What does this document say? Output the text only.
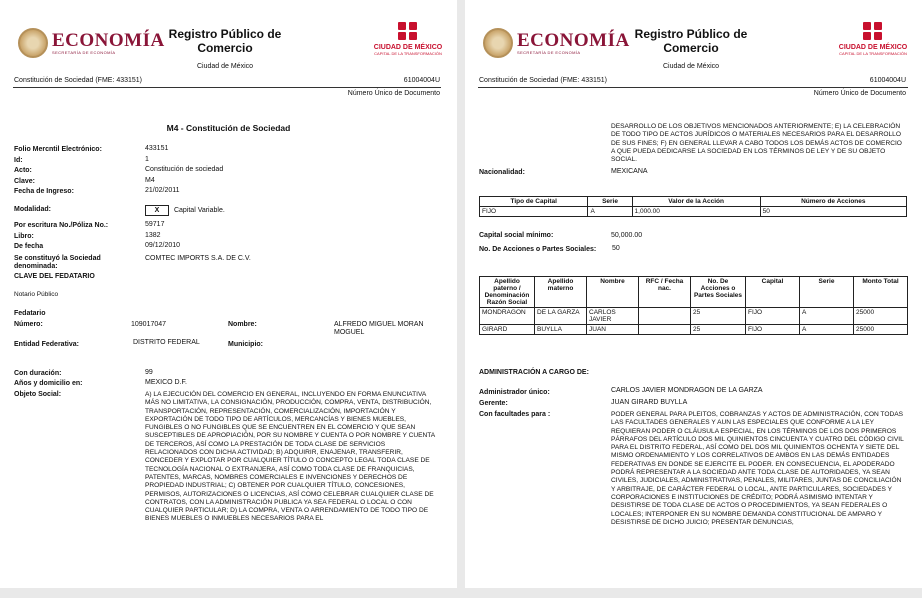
ECONOMÍA
SECRETARÍA DE ECONOMÍA
Registro Público de
Comercio
Ciudad de México
CIUDAD DE MÉXICO
CAPITAL DE LA TRANSFORMACIÓN
Constitución de Sociedad (FME: 433151)	61004004U
Número Único de Documento
M4 - Constitución de Sociedad
Folio Mercntil Electrónico:	433151
Id:	1
Acto:	Constitución de sociedad
Clave:	M4
Fecha de Ingreso:	21/02/2011
Modalidad:	X Capital Variable.
Por escritura No./Póliza No.:	59717
Libro:	1382
De fecha	09/12/2010
Se constituyó la Sociedad
denominada:
COMTEC IMPORTS S.A. DE C.V.
CLAVE DEL FEDATARIO
Notario Público
Fedatario
Número:	109017047	Nombre:	ALFREDO MIGUEL MORAN
MOGUEL
Entidad Federativa:	DISTRITO FEDERAL	Municipio:
Con duración:	99
Años y domicilio en:	MEXICO D.F.
Objeto Social:	A) LA EJECUCIÓN DEL COMERCIO EN GENERAL, INCLUYENDO EN FORMA ENUNCIATIVA MÁS NO LIMITATIVA, LA CONSIGNACIÓN, PRODUCCIÓN, COMPRA, VENTA, DISTRIBUCIÓN, TRANSPORTACIÓN, REPRESENTACIÓN, COMERCIALIZACIÓN, IMPORTACIÓN Y EXPORTACIÓN DE TODO TIPO DE ARTÍCULOS, MERCANCÍAS Y BIENES MUEBLES, FUNGIBLES O NO FUNGIBLES QUE SE ENCUENTREN EN EL COMERCIO Y QUE SEAN SUSCEPTIBLES DE APROPIACIÓN, POR SU NOMBRE Y CUENTA O POR NOMBRE Y CUENTA DE TERCEROS, ASÍ COMO LA PRESTACIÓN DE TODA CLASE DE SERVICIOS RELACIONADOS CON DICHA ACTIVIDAD; B) ADQUIRIR, ENAJENAR, TRANSFERIR, CONCEDER Y EXPLOTAR POR CUALQUIER TÍTULO O CONCEPTO LEGAL TODA CLASE DE TECNOLOGÍA NACIONAL O EXTRANJERA, ASÍ COMO TODA CLASE DE FRANQUICIAS, PATENTES, MARCAS, NOMBRES COMERCIALES E INVENCIONES Y DERECHOS DE PROPIEDAD INDUSTRIAL; C) OBTENER POR CUALQUIER TÍTULO, CONCESIONES, PERMISOS, AUTORIZACIONES O LICENCIAS, ASÍ COMO CELEBRAR CUALQUIER CLASE DE CONTRATOS, CON LA ADMINISTRACIÓN PUBLICA YA SEA FEDERAL O LOCAL O CON CUALQUIER PARTICULAR; D) LA COMPRA, VENTA O ARRENDAMIENTO DE TODO TIPO DE BIENES MUEBLES O INMUEBLES NECESARIOS PARA EL
ECONOMÍA
SECRETARÍA DE ECONOMÍA
Registro Público de
Comercio
Ciudad de México
CIUDAD DE MÉXICO
CAPITAL DE LA TRANSFORMACIÓN
Constitución de Sociedad (FME: 433151)	61004004U
Número Único de Documento
DESARROLLO DE LOS OBJETIVOS MENCIONADOS ANTERIORMENTE; E) LA CELEBRACIÓN DE TODO TIPO DE ACTOS JURÍDICOS O MATERIALES NECESARIOS PARA EL DESARROLLO DE SUS FINES; F) EN GENERAL LLEVAR A CABO TODOS LOS DEMÁS ACTOS DE COMERCIO A QUE PUEDA DEDICARSE LA SOCIEDAD EN LOS TÉRMINOS DE LEY Y DE SU OBJETO SOCIAL.
Nacionalidad:	MEXICANA
Tipo de Capital	Serie	Valor de la Acción	Número de Acciones
FIJO	A	1,000.00	50
Capital social mínimo:	50,000.00
No. De Acciones o Partes Sociales: 50
Apellido paterno / Denominación Razón Social	Apellido materno	Nombre	RFC / Fecha nac.	No. De Acciones o Partes Sociales	Capital	Serie	Monto Total
MONDRAGON	DE LA GARZA	CARLOS JAVIER		25	FIJO	A	25000
GIRARD	BUYLLA	JUAN		25	FIJO	A	25000
ADMINISTRACIÓN A CARGO DE:
Administrador único:	CARLOS JAVIER MONDRAGON DE LA GARZA
Gerente:	JUAN GIRARD BUYLLA
Con facultades para :	PODER GENERAL PARA PLEITOS, COBRANZAS Y ACTOS DE ADMINISTRACIÓN, CON TODAS LAS FACULTADES GENERALES Y AUN LAS ESPECIALES QUE CONFORME A LA LEY REQUIERAN PODER O CLÁUSULA ESPECIAL, EN LOS TÉRMINOS DE LOS DOS PRIMEROS PÁRRAFOS DEL ARTÍCULO DOS MIL QUINIENTOS CINCUENTA Y CUATRO DEL CÓDIGO CIVIL PARA EL DISTRITO FEDERAL, ASÍ COMO DEL DOS MIL QUINIENTOS OCHENTA Y SIETE DEL MISMO ORDENAMIENTO Y LOS CORRELATIVOS DE AMBOS EN LAS DEMÁS ENTIDADES FEDERATIVAS EN DONDE SE EJERCITE EL PODER. EN CONSECUENCIA, EL APODERADO PODRÁ REPRESENTAR A LA SOCIEDAD ANTE TODA CLASE DE AUTORIDADES, YA SEAN CIVILES, JUDICIALES, ADMINISTRATIVAS, PENALES, MILITARES, JUNTAS DE CONCILIACIÓN Y ARBITRAJE, DE CARÁCTER FEDERAL O LOCAL, ANTE PARTICULARES, SOCIEDADES Y CORPORACIONES E INSTITUCIONES DE CRÉDITO; PODRÁ ASIMISMO INTENTAR Y DESISTIRSE DE TODA CLASE DE ACTOS O PROCEDIMIENTOS, YA SEAN FEDERALES O LOCALES; INTERPONER EN SU NOMBRE DEMANDA CONSTITUCIONAL DE AMPARO Y DESISTIRSE DE DICHO JUICIO; PRESENTAR DENUNCIAS,
